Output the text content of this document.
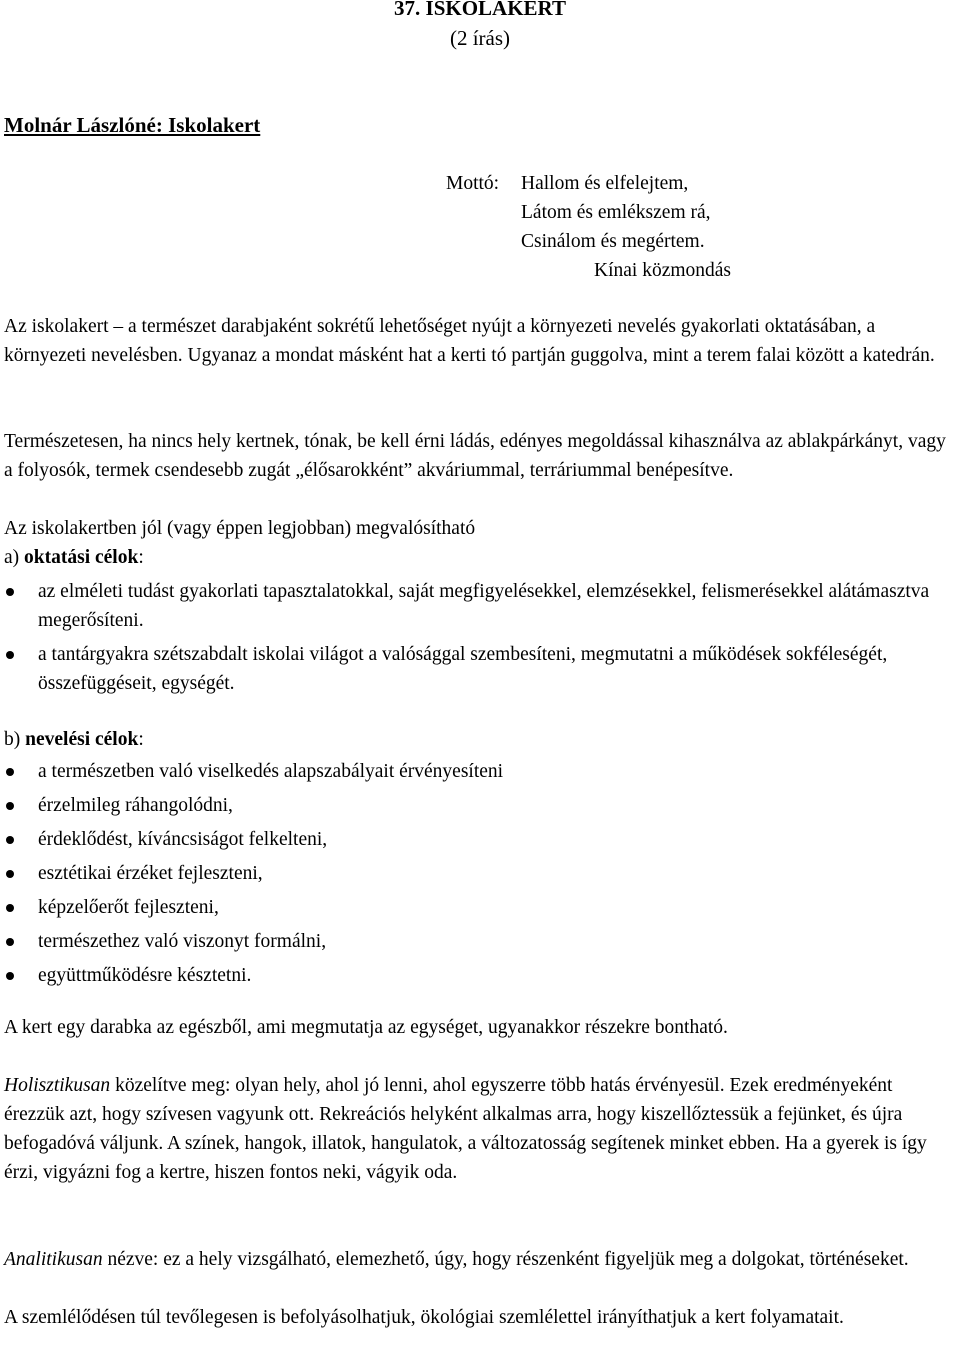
37. ISKOLAKERT
(2 írás)
Molnár Lászlóné: Iskolakert
Mottó: Hallom és elfelejtem,
Látom és emlékszem rá,
Csinálom és megértem.
Kínai közmondás

Az iskolakert – a természet darabjaként sokrétű lehetőséget nyújt a környezeti nevelés gyakorlati oktatásában, a környezeti nevelésben. Ugyanaz a mondat másként hat a kerti tó partján guggolva, mint a terem falai között a katedrán.

Természetesen, ha nincs hely kertnek, tónak, be kell érni ládás, edényes megoldással kihasználva az ablakpárkányt, vagy a folyosók, termek csendesebb zugát „élősarokként” akváriummal, terráriummal benépesítve.

Az iskolakertben jól (vagy éppen legjobban) megvalósítható

a) oktatási célok:

az elméleti tudást gyakorlati tapasztalatokkal, saját megfigyelésekkel, elemzésekkel, felismerésekkel alátámasztva megerősíteni.
a tantárgyakra szétszabdalt iskolai világot a valósággal szembesíteni, megmutatni a működések sokféleségét, összefüggéseit, egységét.

b) nevelési célok:

a természetben való viselkedés alapszabályait érvényesíteni
érzelmileg ráhangolódni,
érdeklődést, kíváncsiságot felkelteni,
esztétikai érzéket fejleszteni,
képzelőerőt fejleszteni,
természethez való viszonyt formálni,
együttműködésre késztetni.

A kert egy darabka az egészből, ami megmutatja az egységet, ugyanakkor részekre bontható.

Holisztikusan közelítve meg: olyan hely, ahol jó lenni, ahol egyszerre több hatás érvényesül. Ezek eredményeként érezzük azt, hogy szívesen vagyunk ott. Rekreációs helyként alkalmas arra, hogy kiszellőztessük a fejünket, és újra befogadóvá váljunk. A színek, hangok, illatok, hangulatok, a változatosság segítenek minket ebben. Ha a gyerek is így érzi, vigyázni fog a kertre, hiszen fontos neki, vágyik oda.

Analitikusan nézve: ez a hely vizsgálható, elemezhető, úgy, hogy részenként figyeljük meg a dolgokat, történéseket.

A szemlélődésen túl tevőlegesen is befolyásolhatjuk, ökológiai szemlélettel irányíthatjuk a kert folyamatait.
